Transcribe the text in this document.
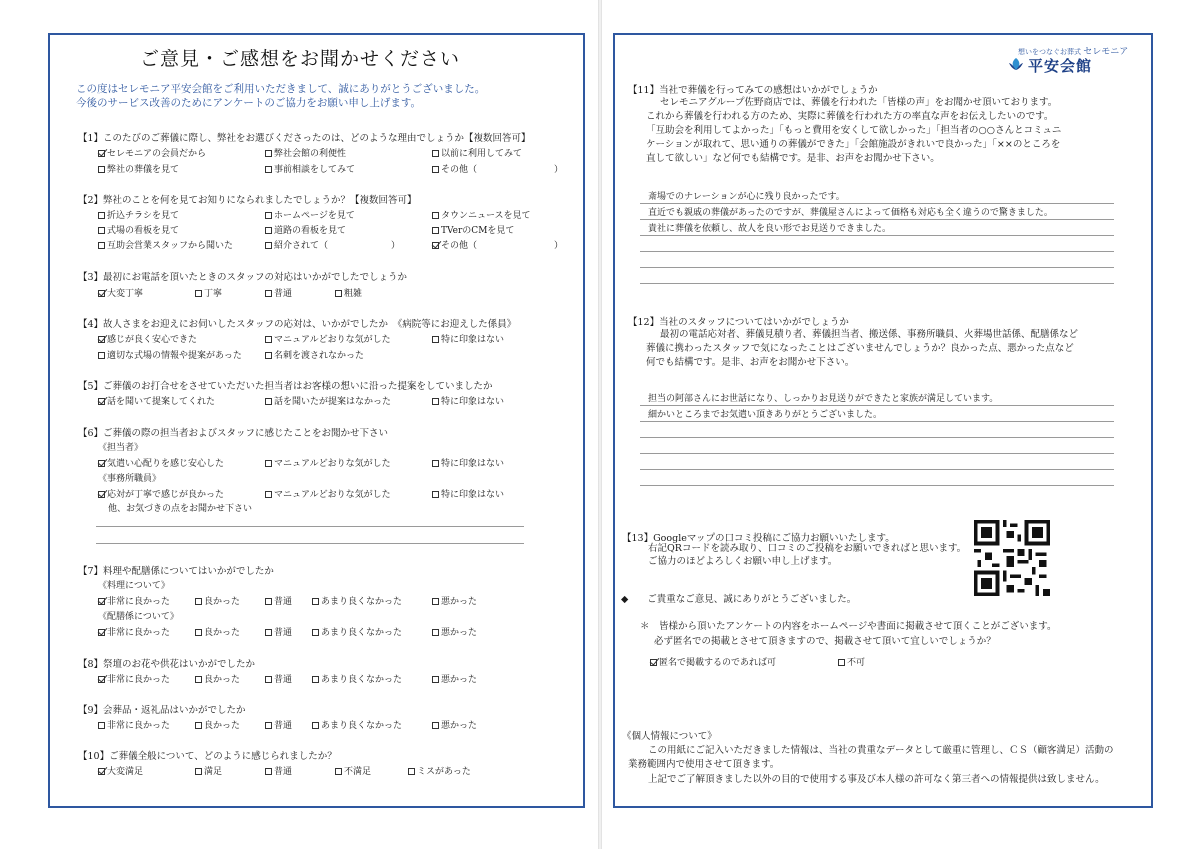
ご意見・ご感想をお聞かせください
この度はセレモニア平安会館をご利用いただきまして、誠にありがとうございました。
今後のサービス改善のためにアンケートのご協力をお願い申し上げます。
【1】このたびのご葬儀に際し、弊社をお選びくださったのは、どのような理由でしょうか【複数回答可】
セレモニアの会員だから	弊社会館の利便性	以前に利用してみて
弊社の葬儀を見て	事前相談をしてみて	その他（	）
【2】弊社のことを何を見てお知りになられましたでしょうか？【複数回答可】
折込チラシを見て	ホームページを見て	タウンニュースを見て
式場の看板を見て	道路の看板を見て	TVerのCMを見て
互助会営業スタッフから聞いた	紹介されて（	）	その他（	）
【3】最初にお電話を頂いたときのスタッフの対応はいかがでしたでしょうか
大変丁寧	丁寧	普通	粗雑
【4】故人さまをお迎えにお伺いしたスタッフの応対は、いかがでしたか　《病院等にお迎えした係員》
感じが良く安心できた	マニュアルどおりな気がした	特に印象はない
適切な式場の情報や提案があった	名刺を渡されなかった
【5】ご葬儀のお打合せをさせていただいた担当者はお客様の想いに沿った提案をしていましたか
話を聞いて提案してくれた	話を聞いたが提案はなかった	特に印象はない
【6】ご葬儀の際の担当者およびスタッフに感じたことをお聞かせ下さい
《担当者》
気遣い心配りを感じ安心した	マニュアルどおりな気がした	特に印象はない
《事務所職員》
応対が丁寧で感じが良かった	マニュアルどおりな気がした	特に印象はない
他、お気づきの点をお聞かせ下さい
【7】料理や配膳係についてはいかがでしたか
《料理について》
非常に良かった	良かった	普通	あまり良くなかった	悪かった
《配膳係について》
非常に良かった	良かった	普通	あまり良くなかった	悪かった
【8】祭壇のお花や供花はいかがでしたか
非常に良かった	良かった	普通	あまり良くなかった	悪かった
【9】会葬品・返礼品はいかがでしたか
非常に良かった	良かった	普通	あまり良くなかった	悪かった
【10】ご葬儀全般について、どのように感じられましたか？
大変満足	満足	普通	不満足	ミスがあった
想いをつなぐお葬式 セレモニア
平安会館
【11】当社で葬儀を行ってみての感想はいかがでしょうか
セレモニアグループ佐野商店では、葬儀を行われた「皆様の声」をお聞かせ頂いております。
これから葬儀を行われる方のため、実際に葬儀を行われた方の率直な声をお伝えしたいのです。
「互助会を利用してよかった」「もっと費用を安くして欲しかった」「担当者の○○さんとコミュニ
ケーションが取れて、思い通りの葬儀ができた」「会館施設がきれいで良かった」「××のところを
直して欲しい」など何でも結構です。是非、お声をお聞かせ下さい。
斎場でのナレーションが心に残り良かったです。
直近でも親戚の葬儀があったのですが、葬儀屋さんによって価格も対応も全く違うので驚きました。
貴社に葬儀を依頼し、故人を良い形でお見送りできました。
【12】当社のスタッフについてはいかがでしょうか
最初の電話応対者、葬儀見積り者、葬儀担当者、搬送係、事務所職員、火葬場世話係、配膳係など
葬儀に携わったスタッフで気になったことはございませんでしょうか？良かった点、悪かった点など
何でも結構です。是非、お声をお聞かせ下さい。
担当の阿部さんにお世話になり、しっかりお見送りができたと家族が満足しています。
細かいところまでお気遣い頂きありがとうございました。
【13】Googleマップの口コミ投稿にご協力お願いいたします。
右記QRコードを読み取り、口コミのご投稿をお願いできればと思います。
ご協力のほどよろしくお願い申し上げます。
◆　　ご貴重なご意見、誠にありがとうございました。
＊　皆様から頂いたアンケートの内容をホームページや書面に掲載させて頂くことがございます。
必ず匿名での掲載とさせて頂きますので、掲載させて頂いて宜しいでしょうか？
匿名で掲載するのであれば可	不可
《個人情報について》
この用紙にご記入いただきました情報は、当社の貴重なデータとして厳重に管理し、ＣＳ（顧客満足）活動の
業務範囲内で使用させて頂きます。
上記でご了解頂きました以外の目的で使用する事及び本人様の許可なく第三者への情報提供は致しません。
